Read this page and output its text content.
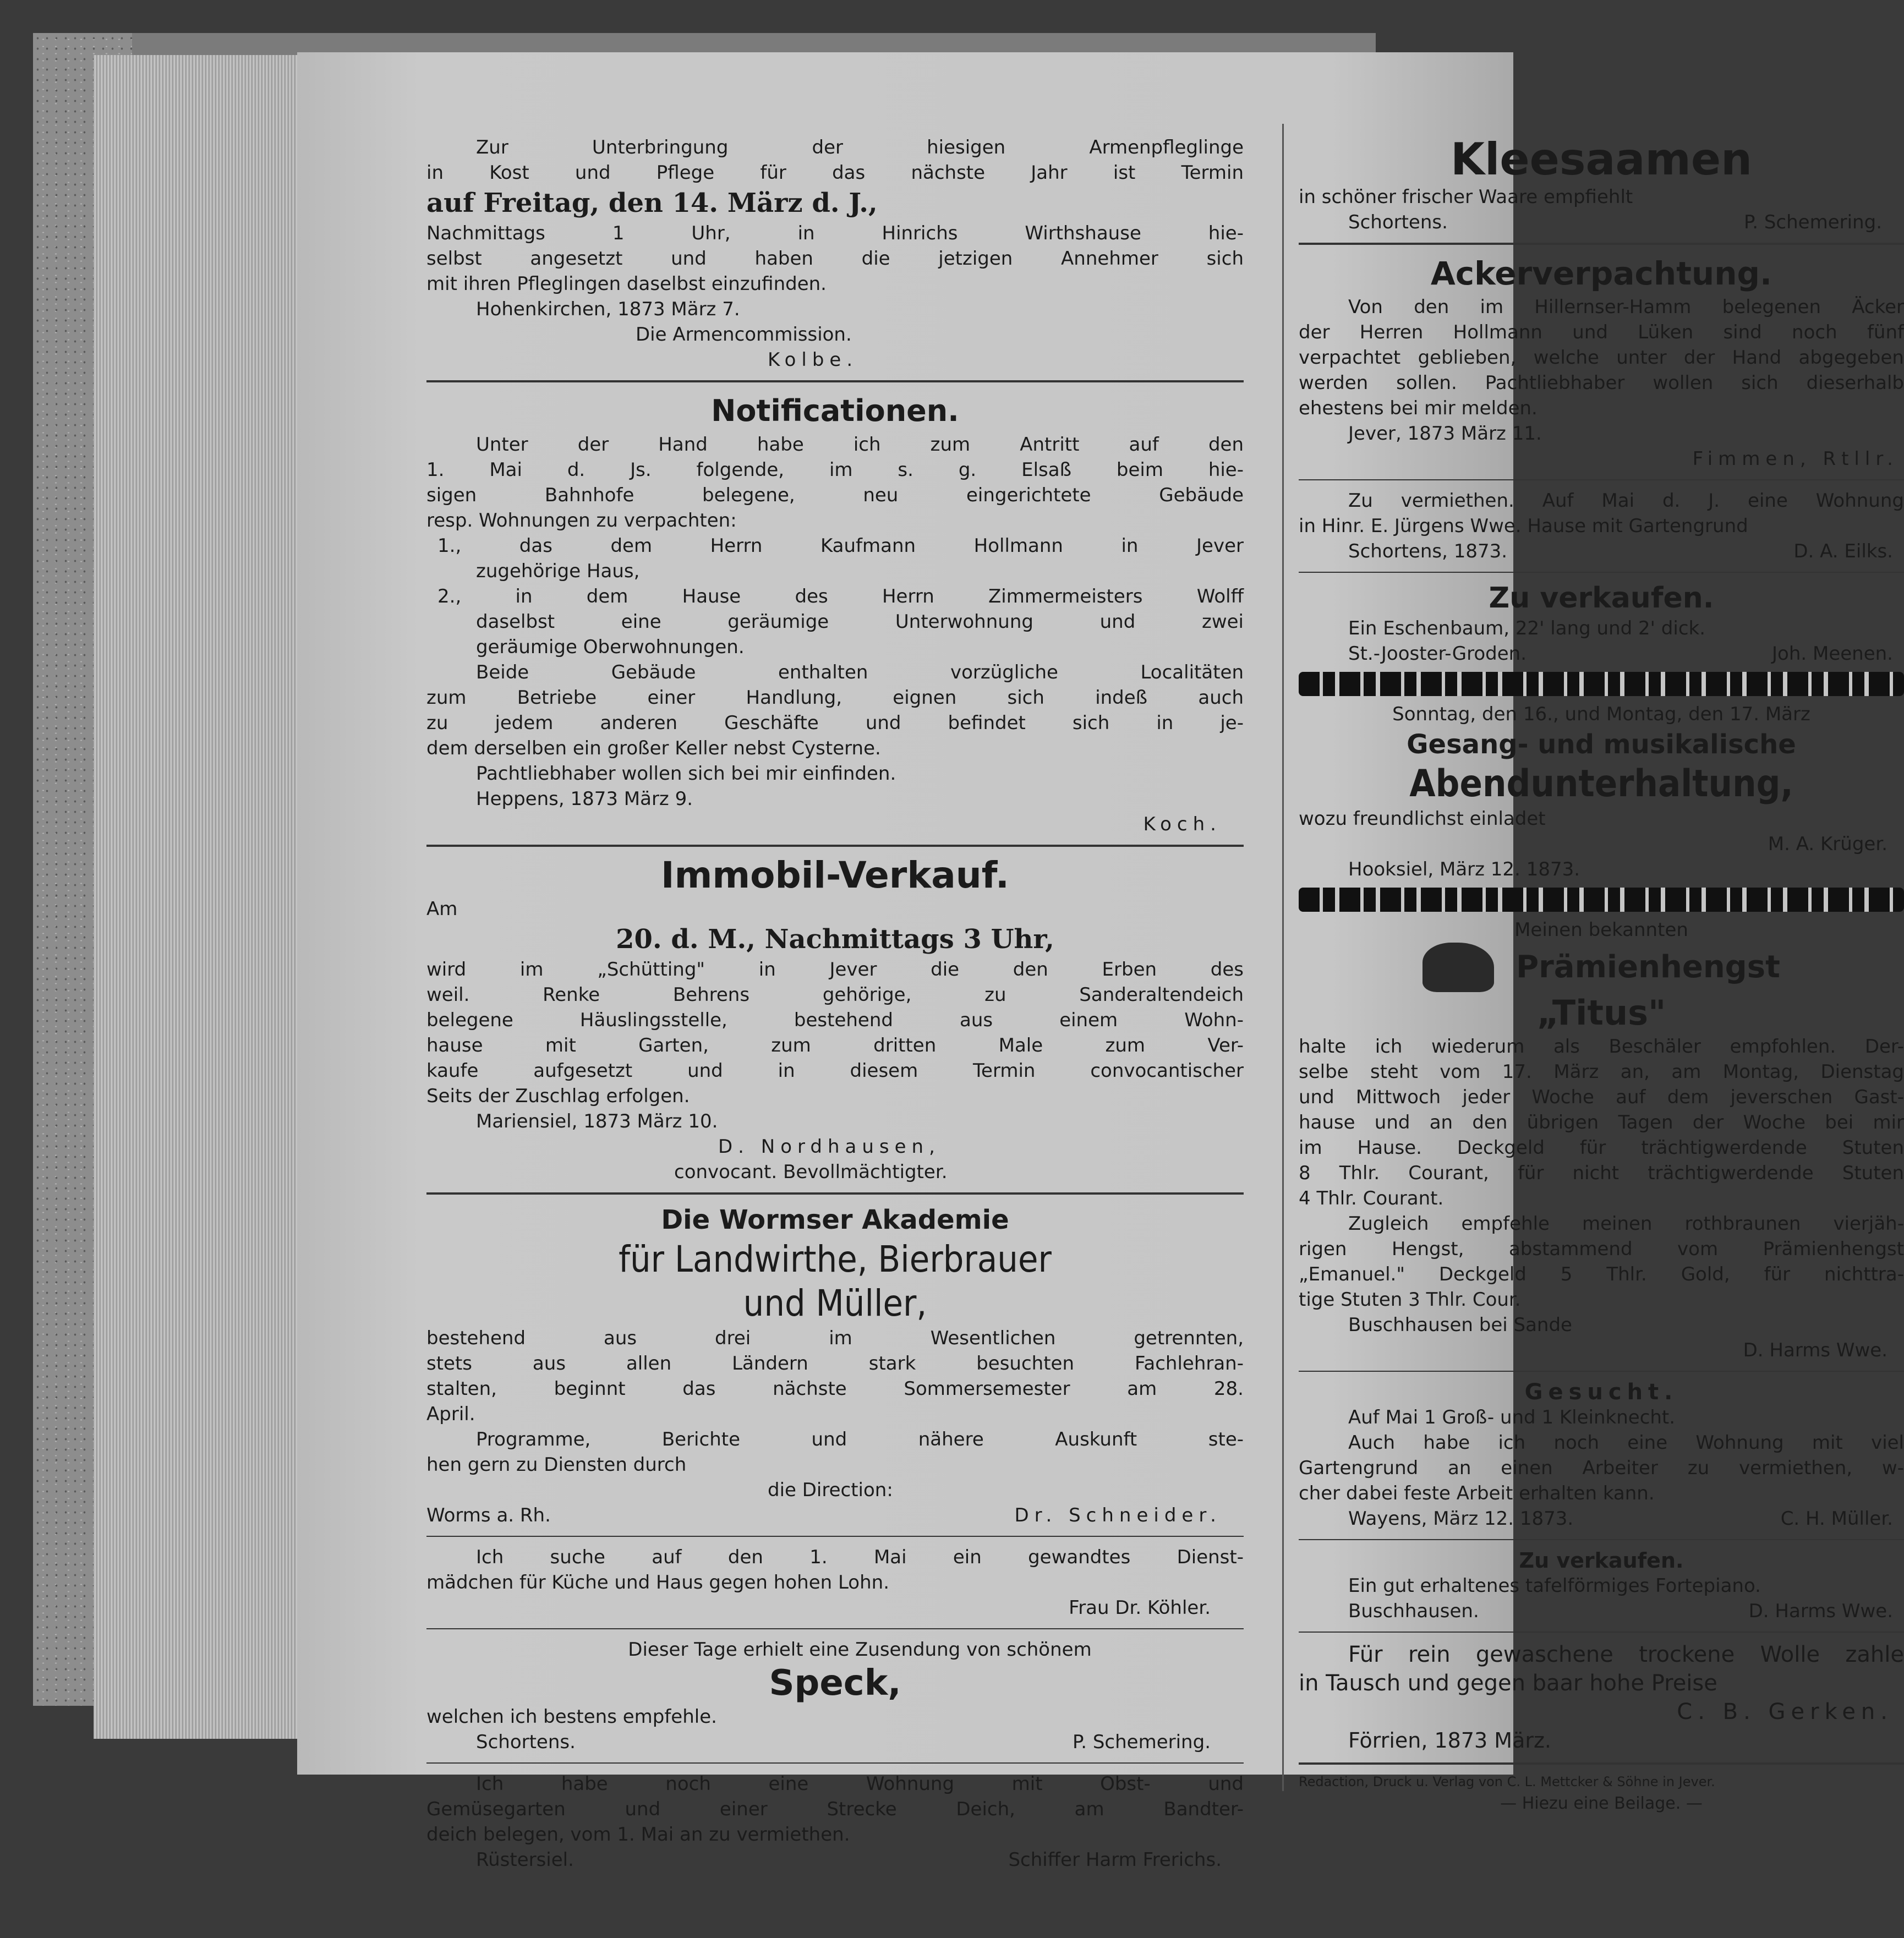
Zur Unterbringung der hiesigen Armenpfleglinge
in Kost und Pflege für das nächste Jahr ist Termin
auf Freitag, den 14. März d. J.,
Nachmittags 1 Uhr, in Hinrichs Wirthshause hie-
selbst angesetzt und haben die jetzigen Annehmer sich
mit ihren Pfleglingen daselbst einzufinden.
Hohenkirchen, 1873 März 7.
Die Armencommission.
Kolbe.
Notificationen.
Unter der Hand habe ich zum Antritt auf den
1. Mai d. Js. folgende, im s. g. Elsaß beim hie-
sigen Bahnhofe belegene, neu eingerichtete Gebäude
resp. Wohnungen zu verpachten:
1., das dem Herrn Kaufmann Hollmann in Jever
zugehörige Haus,
2., in dem Hause des Herrn Zimmermeisters Wolff
daselbst eine geräumige Unterwohnung und zwei
geräumige Oberwohnungen.
Beide Gebäude enthalten vorzügliche Localitäten
zum Betriebe einer Handlung, eignen sich indeß auch
zu jedem anderen Geschäfte und befindet sich in je-
dem derselben ein großer Keller nebst Cysterne.
Pachtliebhaber wollen sich bei mir einfinden.
Heppens, 1873 März 9.
Koch.
Immobil-Verkauf.
Am
20. d. M., Nachmittags 3 Uhr,
wird im „Schütting" in Jever die den Erben des
weil. Renke Behrens gehörige, zu Sanderaltendeich
belegene Häuslingsstelle, bestehend aus einem Wohn-
hause mit Garten, zum dritten Male zum Ver-
kaufe aufgesetzt und in diesem Termin convocantischer
Seits der Zuschlag erfolgen.
Mariensiel, 1873 März 10.
D. Nordhausen,
convocant. Bevollmächtigter.
Die Wormser Akademie
für Landwirthe, Bierbrauer
und Müller,
bestehend aus drei im Wesentlichen getrennten,
stets aus allen Ländern stark besuchten Fachlehran-
stalten, beginnt das nächste Sommersemester am 28.
April.
Programme, Berichte und nähere Auskunft ste-
hen gern zu Diensten durch
die Direction:
Worms a. Rh.	Dr. Schneider.
Ich suche auf den 1. Mai ein gewandtes Dienst-
mädchen für Küche und Haus gegen hohen Lohn.
Frau Dr. Köhler.
Dieser Tage erhielt eine Zusendung von schönem
Speck,
welchen ich bestens empfehle.
Schortens.	P. Schemering.
Ich habe noch eine Wohnung mit Obst- und
Gemüsegarten und einer Strecke Deich, am Bandter-
deich belegen, vom 1. Mai an zu vermiethen.
Rüstersiel.	Schiffer Harm Frerichs.
Kleesaamen
in schöner frischer Waare empfiehlt
Schortens.	P. Schemering.
Ackerverpachtung.
Von den im Hillernser-Hamm belegenen Äcker
der Herren Hollmann und Lüken sind noch fünf
verpachtet geblieben, welche unter der Hand abgegeben
werden sollen. Pachtliebhaber wollen sich dieserhalb
ehestens bei mir melden.
Jever, 1873 März 11.
Fimmen, Rtllr.
Zu vermiethen. Auf Mai d. J. eine Wohnung
in Hinr. E. Jürgens Wwe. Hause mit Gartengrund
Schortens, 1873.	D. A. Eilks.
Zu verkaufen.
Ein Eschenbaum, 22' lang und 2' dick.
St.-Jooster-Groden.	Joh. Meenen.
Sonntag, den 16., und Montag, den 17. März
Gesang- und musikalische
Abendunterhaltung,
wozu freundlichst einladet
M. A. Krüger.
Hooksiel, März 12. 1873.
Meinen bekannten
Prämienhengst
„Titus"
halte ich wiederum als Beschäler empfohlen. Der-
selbe steht vom 17. März an, am Montag, Dienstag
und Mittwoch jeder Woche auf dem jeverschen Gast-
hause und an den übrigen Tagen der Woche bei mir
im Hause. Deckgeld für trächtigwerdende Stuten
8 Thlr. Courant, für nicht trächtigwerdende Stuten
4 Thlr. Courant.
Zugleich empfehle meinen rothbraunen vierjäh-
rigen Hengst, abstammend vom Prämienhengst
„Emanuel." Deckgeld 5 Thlr. Gold, für nichttra-
tige Stuten 3 Thlr. Cour.
Buschhausen bei Sande
D. Harms Wwe.
Gesucht.
Auf Mai 1 Groß- und 1 Kleinknecht.
Auch habe ich noch eine Wohnung mit viel
Gartengrund an einen Arbeiter zu vermiethen, w-
cher dabei feste Arbeit erhalten kann.
Wayens, März 12. 1873.	C. H. Müller.
Zu verkaufen.
Ein gut erhaltenes tafelförmiges Fortepiano.
Buschhausen.	D. Harms Wwe.
Für rein gewaschene trockene Wolle zahle
in Tausch und gegen baar hohe Preise
C. B. Gerken.
Förrien, 1873 März.
Redaction, Druck u. Verlag von C. L. Mettcker & Söhne in Jever.
— Hiezu eine Beilage. —
